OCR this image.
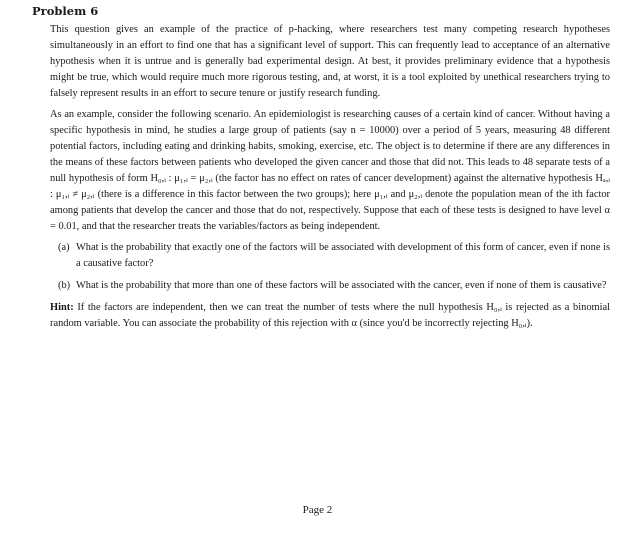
Problem 6

This question gives an example of the practice of p-hacking, where researchers test many competing research hypotheses simultaneously in an effort to find one that has a significant level of support. This can frequently lead to acceptance of an alternative hypothesis when it is untrue and is generally bad experimental design. At best, it provides preliminary evidence that a hypothesis might be true, which would require much more rigorous testing, and, at worst, it is a tool exploited by unethical researchers trying to falsely represent results in an effort to secure tenure or justify research funding.

As an example, consider the following scenario. An epidemiologist is researching causes of a certain kind of cancer. Without having a specific hypothesis in mind, he studies a large group of patients (say n = 10000) over a period of 5 years, measuring 48 different potential factors, including eating and drinking habits, smoking, exercise, etc. The object is to determine if there are any differences in the means of these factors between patients who developed the given cancer and those that did not. This leads to 48 separate tests of a null hypothesis of form H₀,ᵢ : μ₁,ᵢ = μ₂,ᵢ (the factor has no effect on rates of cancer development) against the alternative hypothesis Hₐ,ᵢ : μ₁,ᵢ ≠ μ₂,ᵢ (there is a difference in this factor between the two groups); here μ₁,ᵢ and μ₂,ᵢ denote the population mean of the ith factor among patients that develop the cancer and those that do not, respectively. Suppose that each of these tests is designed to have level α = 0.01, and that the researcher treats the variables/factors as being independent.

(a) What is the probability that exactly one of the factors will be associated with development of this form of cancer, even if none is a causative factor?
(b) What is the probability that more than one of these factors will be associated with the cancer, even if none of them is causative?

Hint: If the factors are independent, then we can treat the number of tests where the null hypothesis H₀,ᵢ is rejected as a binomial random variable. You can associate the probability of this rejection with α (since you'd be incorrectly rejecting H₀,ᵢ).

Page 2
